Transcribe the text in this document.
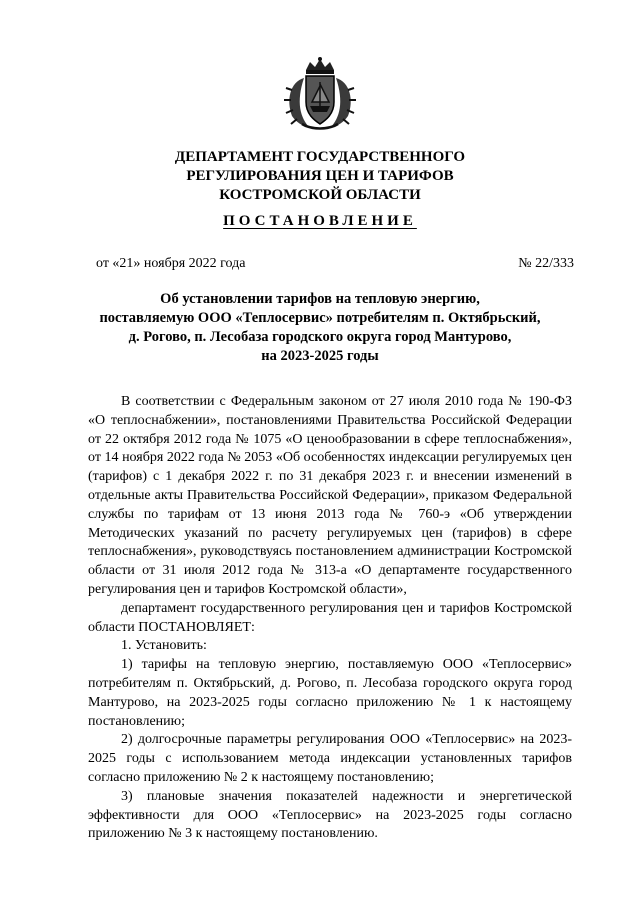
ДЕПАРТАМЕНТ ГОСУДАРСТВЕННОГО
РЕГУЛИРОВАНИЯ ЦЕН И ТАРИФОВ
КОСТРОМСКОЙ ОБЛАСТИ
ПОСТАНОВЛЕНИЕ
от «21» ноября 2022 года	№ 22/333
Об установлении тарифов на тепловую энергию,
поставляемую ООО «Теплосервис» потребителям п. Октябрьский,
д. Рогово, п. Лесобаза городского округа город Мантурово,
на 2023-2025 годы

В соответствии с Федеральным законом от 27 июля 2010 года № 190-ФЗ «О теплоснабжении», постановлениями Правительства Российской Федерации от 22 октября 2012 года № 1075 «О ценообразовании в сфере теплоснабжения», от 14 ноября 2022 года № 2053 «Об особенностях индексации регулируемых цен (тарифов) с 1 декабря 2022 г. по 31 декабря 2023 г. и внесении изменений в отдельные акты Правительства Российской Федерации», приказом Федеральной службы по тарифам от 13 июня 2013 года № 760-э «Об утверждении Методических указаний по расчету регулируемых цен (тарифов) в сфере теплоснабжения», руководствуясь постановлением администрации Костромской области от 31 июля 2012 года № 313-а «О департаменте государственного регулирования цен и тарифов Костромской области»,

департамент государственного регулирования цен и тарифов Костромской области ПОСТАНОВЛЯЕТ:

1. Установить:

1) тарифы на тепловую энергию, поставляемую ООО «Теплосервис» потребителям п. Октябрьский, д. Рогово, п. Лесобаза городского округа город Мантурово, на 2023-2025 годы согласно приложению № 1 к настоящему постановлению;

2) долгосрочные параметры регулирования ООО «Теплосервис» на 2023-2025 годы с использованием метода индексации установленных тарифов согласно приложению № 2 к настоящему постановлению;

3) плановые значения показателей надежности и энергетической эффективности для ООО «Теплосервис» на 2023-2025 годы согласно приложению № 3 к настоящему постановлению.
